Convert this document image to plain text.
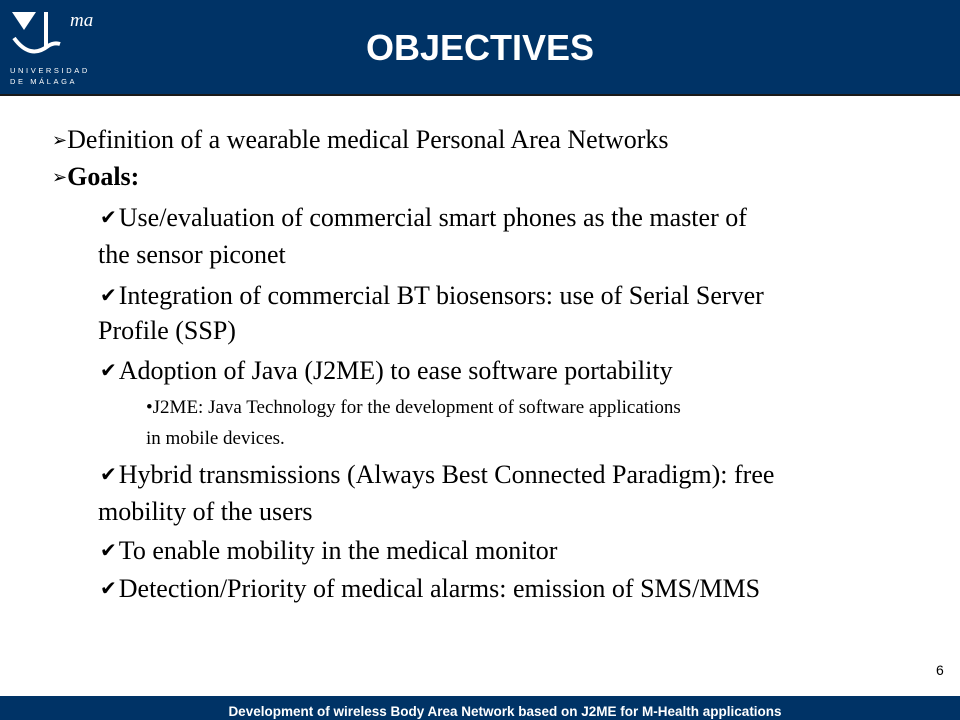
ma
UNIVERSIDAD
DE MÁLAGA
OBJECTIVES
➢Definition of a wearable medical Personal Area Networks
➢Goals:
✔Use/evaluation of commercial smart phones as the master of
the sensor piconet
✔Integration of commercial BT biosensors: use of Serial Server
Profile (SSP)
✔Adoption of Java (J2ME) to ease software portability
•J2ME: Java Technology for the development of software applications
in mobile devices.
✔Hybrid transmissions (Always Best Connected Paradigm): free
mobility of the users
✔To enable mobility in the medical monitor
✔Detection/Priority of medical alarms: emission of SMS/MMS
6
Development of wireless Body Area Network based on J2ME for M-Health applications
